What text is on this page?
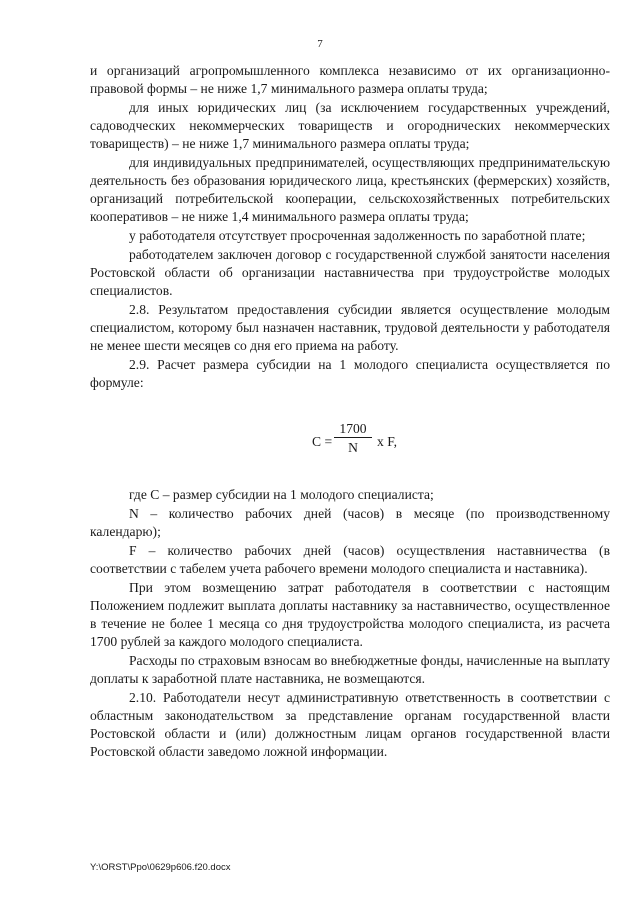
7

и организаций агропромышленного комплекса независимо от их организационно-правовой формы – не ниже 1,7 минимального размера оплаты труда;

для иных юридических лиц (за исключением государственных учреждений, садоводческих некоммерческих товариществ и огороднических некоммерческих товариществ) – не ниже 1,7 минимального размера оплаты труда;

для индивидуальных предпринимателей, осуществляющих предпринимательскую деятельность без образования юридического лица, крестьянских (фермерских) хозяйств, организаций потребительской кооперации, сельскохозяйственных потребительских кооперативов – не ниже 1,4 минимального размера оплаты труда;

у работодателя отсутствует просроченная задолженность по заработной плате;

работодателем заключен договор с государственной службой занятости населения Ростовской области об организации наставничества при трудоустройстве молодых специалистов.

2.8. Результатом предоставления субсидии является осуществление молодым специалистом, которому был назначен наставник, трудовой деятельности у работодателя не менее шести месяцев со дня его приема на работу.

2.9. Расчет размера субсидии на 1 молодого специалиста осуществляется по формуле:

$C = \frac{1700}{N}$ x F,

где С – размер субсидии на 1 молодого специалиста;

N – количество рабочих дней (часов) в месяце (по производственному календарю);

F – количество рабочих дней (часов) осуществления наставничества (в соответствии с табелем учета рабочего времени молодого специалиста и наставника).

При этом возмещению затрат работодателя в соответствии с настоящим Положением подлежит выплата доплаты наставнику за наставничество, осуществленное в течение не более 1 месяца со дня трудоустройства молодого специалиста, из расчета 1700 рублей за каждого молодого специалиста.

Расходы по страховым взносам во внебюджетные фонды, начисленные на выплату доплаты к заработной плате наставника, не возмещаются.

2.10. Работодатели несут административную ответственность в соответствии с областным законодательством за представление органам государственной власти Ростовской области и (или) должностным лицам органов государственной власти Ростовской области заведомо ложной информации.

Y:\ORST\Ppo\0629p606.f20.docx
